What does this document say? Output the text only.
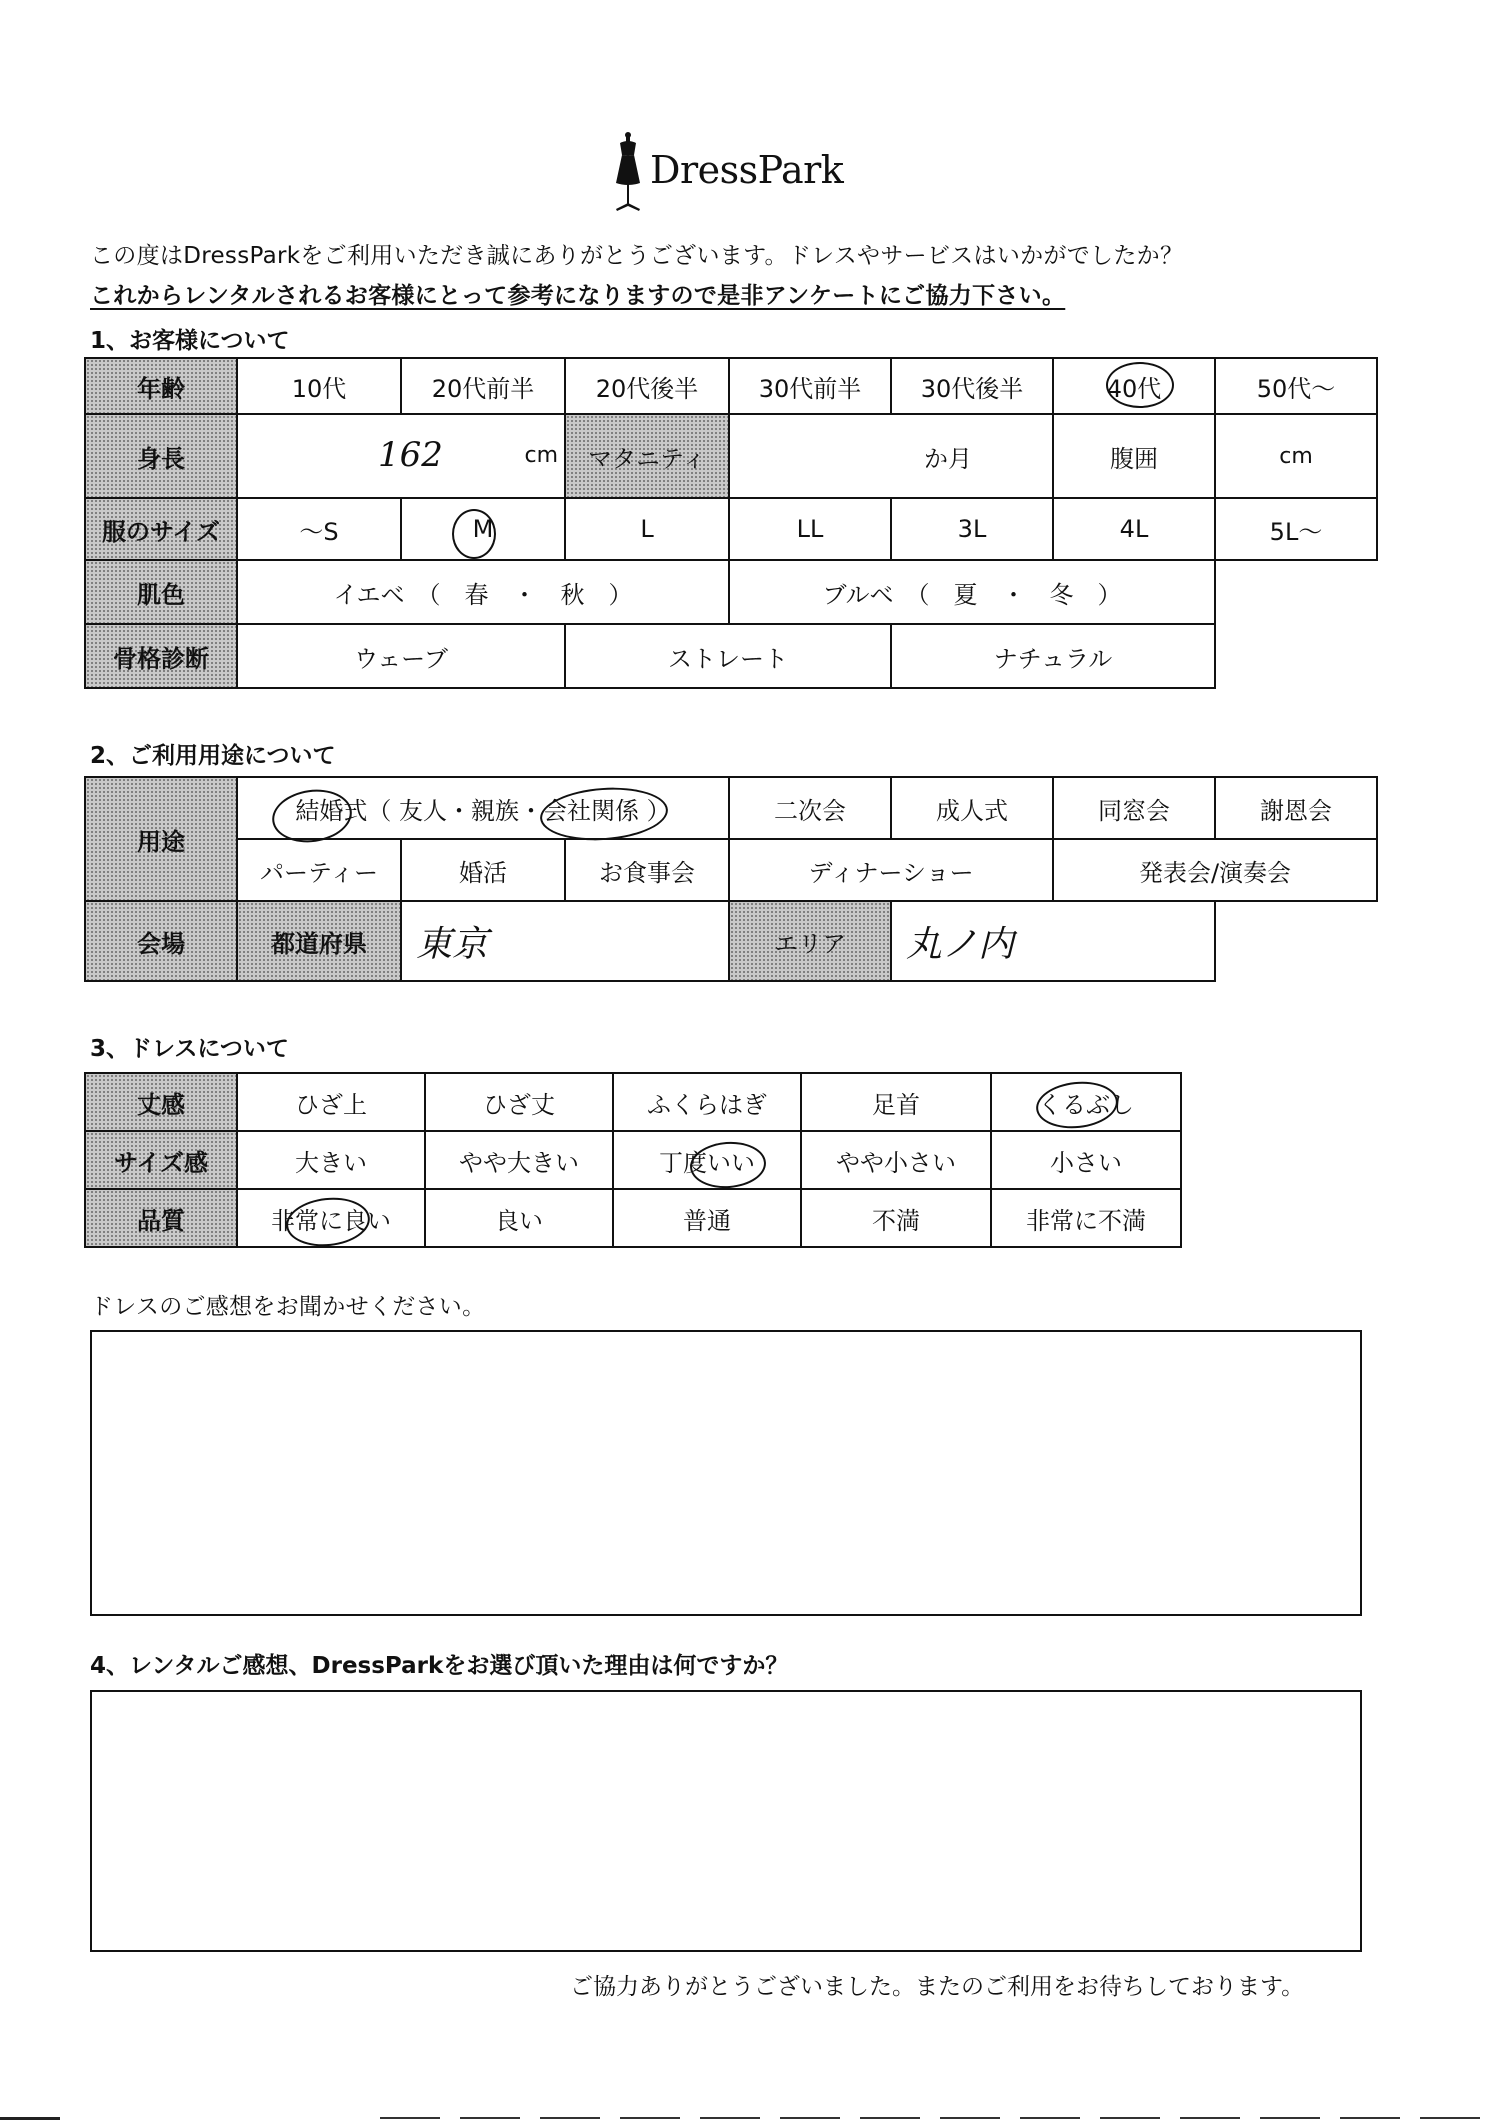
DressPark
この度はDressParkをご利用いただき誠にありがとうございます。ドレスやサービスはいかがでしたか？
これからレンタルされるお客様にとって参考になりますので是非アンケートにご協力下さい。
1、お客様について
年齢	10代	20代前半	20代後半	30代前半	30代後半	40代	50代～
身長	162 cm		マタニティ	か月		腹囲	cm
服のサイズ	～S	M	L	LL	3L	4L	5L～
肌色	イエベ　（　春　・　秋　）			ブルベ　（　夏　・　冬　）			
骨格診断	ウェーブ		ストレート		ナチュラル		
2、ご利用用途について
用途	結婚式（ 友人・親族・会社関係 ）			二次会	成人式	同窓会	謝恩会
	パーティー	婚活	お食事会	ディナーショー		発表会/演奏会	
会場	都道府県	東京		エリア	丸ノ内		
3、ドレスについて
丈感	ひざ上	ひざ丈	ふくらはぎ	足首	くるぶし
サイズ感	大きい	やや大きい	丁度いい	やや小さい	小さい
品質	非常に良い	良い	普通	不満	非常に不満
ドレスのご感想をお聞かせください。
4、レンタルご感想、DressParkをお選び頂いた理由は何ですか？
ご協力ありがとうございました。またのご利用をお待ちしております。
